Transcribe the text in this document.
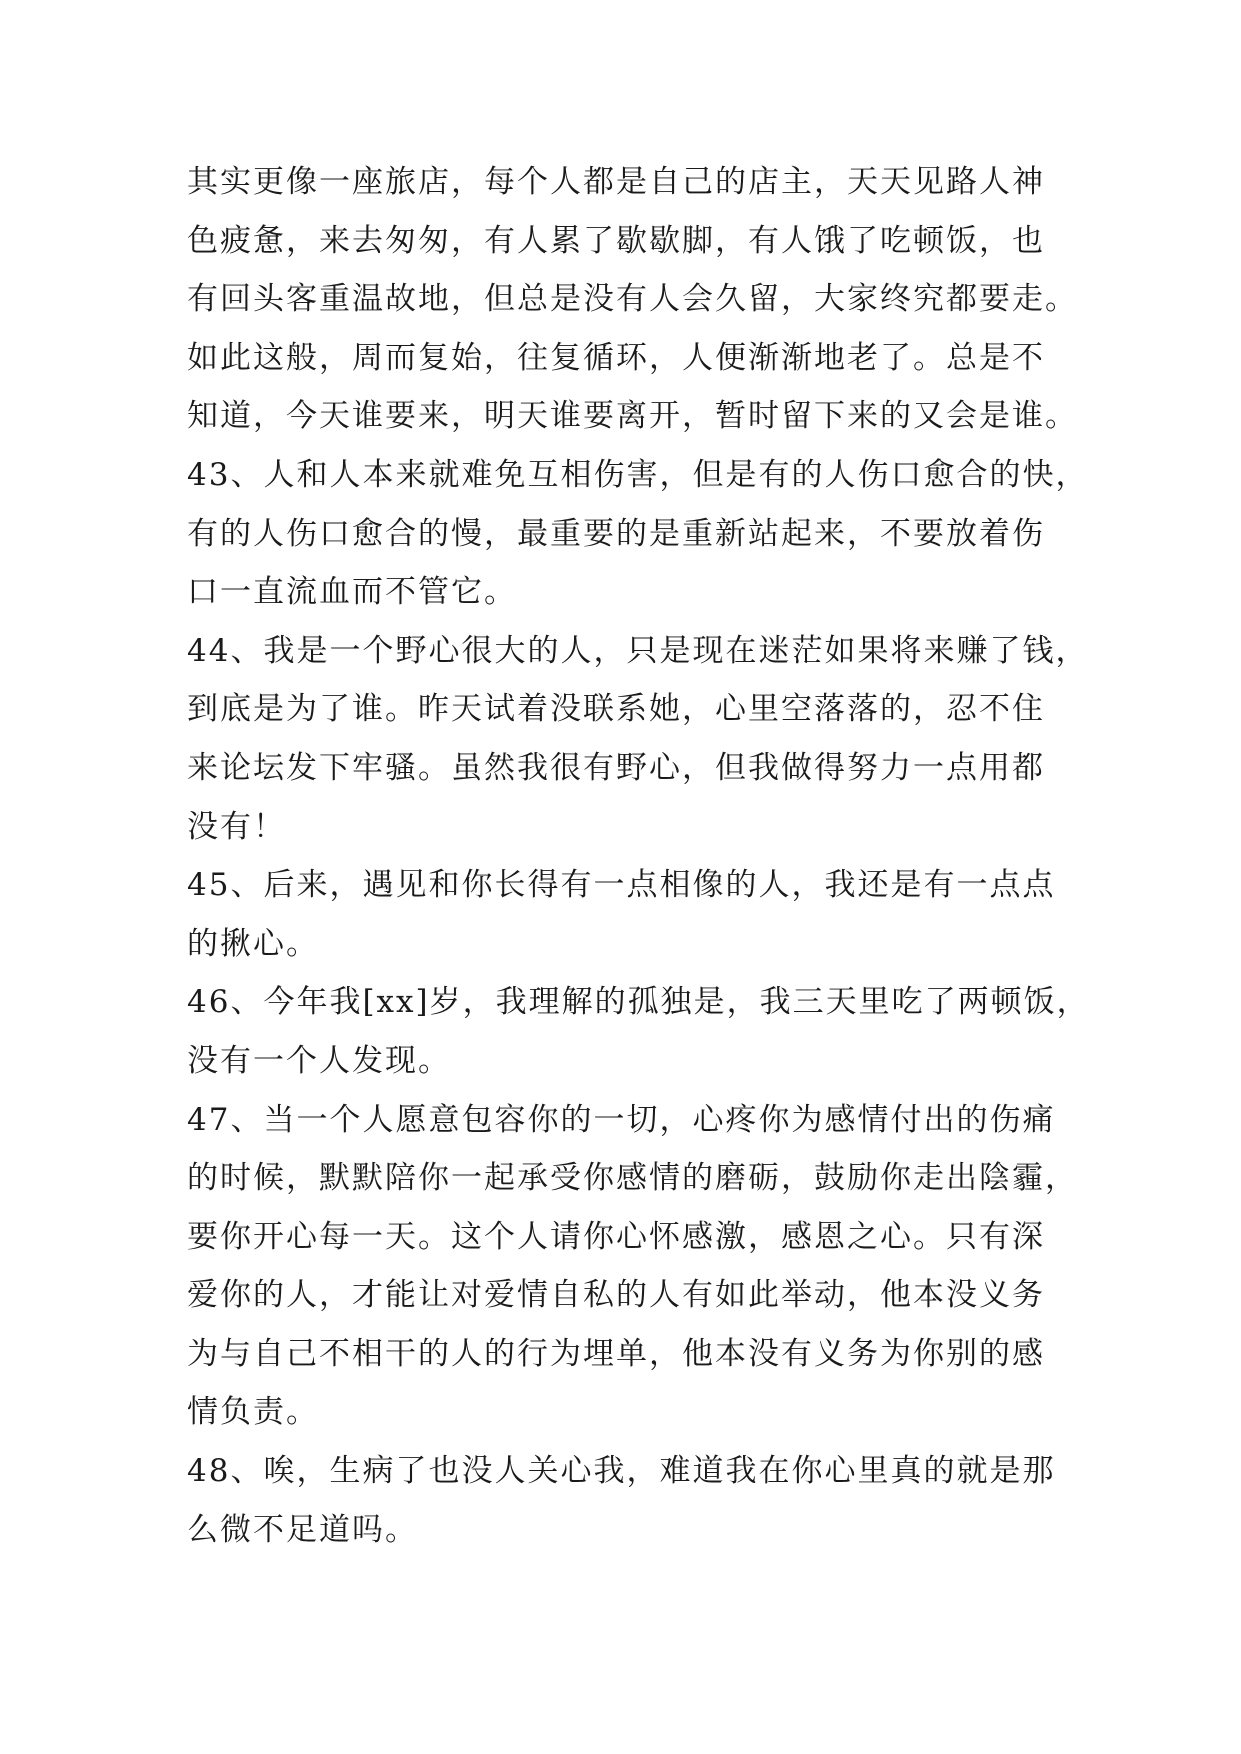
其实更像一座旅店，每个人都是自己的店主，天天见路人神
色疲惫，来去匆匆，有人累了歇歇脚，有人饿了吃顿饭，也
有回头客重温故地，但总是没有人会久留，大家终究都要走。
如此这般，周而复始，往复循环，人便渐渐地老了。总是不
知道，今天谁要来，明天谁要离开，暂时留下来的又会是谁。

43、人和人本来就难免互相伤害，但是有的人伤口愈合的快，
有的人伤口愈合的慢，最重要的是重新站起来，不要放着伤
口一直流血而不管它。

44、我是一个野心很大的人，只是现在迷茫如果将来赚了钱，
到底是为了谁。昨天试着没联系她，心里空落落的，忍不住
来论坛发下牢骚。虽然我很有野心，但我做得努力一点用都
没有！

45、后来，遇见和你长得有一点相像的人，我还是有一点点
的揪心。

46、今年我[xx]岁，我理解的孤独是，我三天里吃了两顿饭，
没有一个人发现。

47、当一个人愿意包容你的一切，心疼你为感情付出的伤痛
的时候，默默陪你一起承受你感情的磨砺，鼓励你走出陰霾，
要你开心每一天。这个人请你心怀感激，感恩之心。只有深
爱你的人，才能让对爱情自私的人有如此举动，他本没义务
为与自己不相干的人的行为埋单，他本没有义务为你别的感
情负责。

48、唉，生病了也没人关心我，难道我在你心里真的就是那
么微不足道吗。
